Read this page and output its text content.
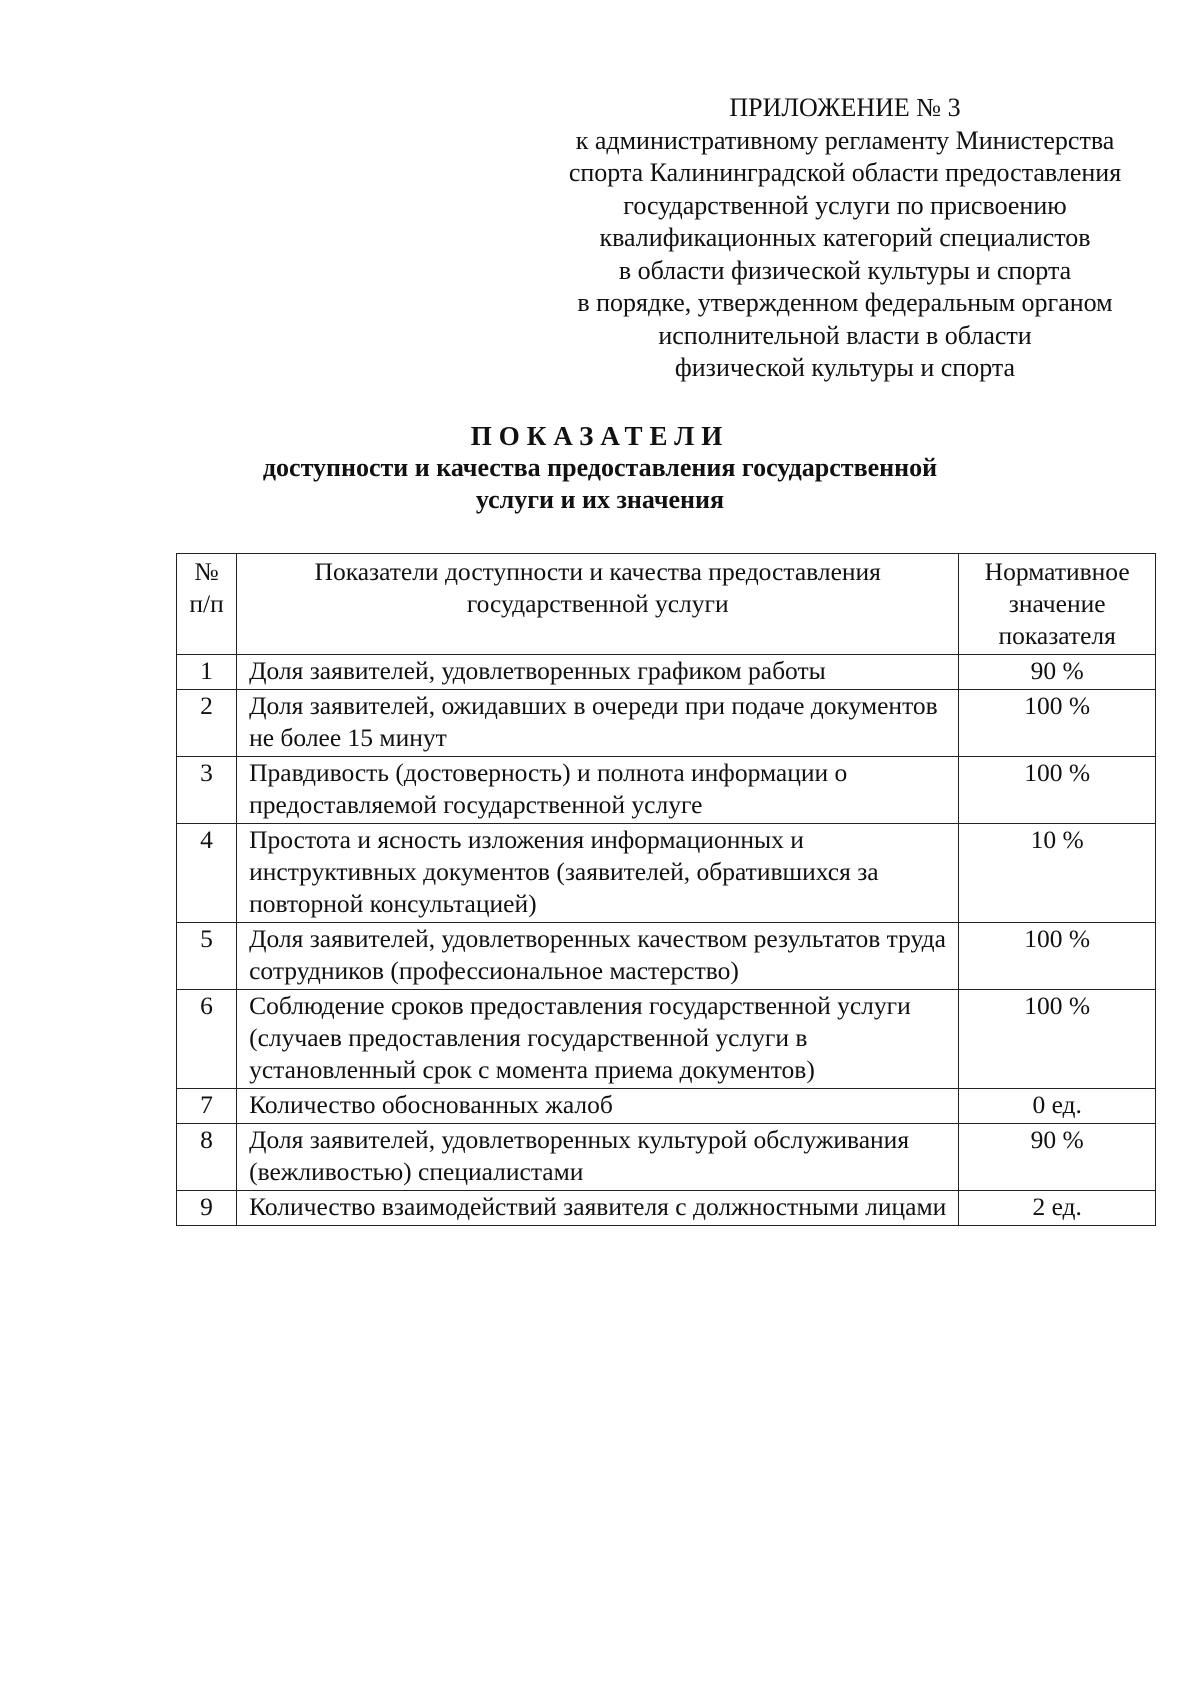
ПРИЛОЖЕНИЕ № 3
к административному регламенту Министерства
спорта Калининградской области предоставления
государственной услуги по присвоению
квалификационных категорий специалистов
в области физической культуры и спорта
в порядке, утвержденном федеральным органом
исполнительной власти в области
физической культуры и спорта
ПОКАЗАТЕЛИ
доступности и качества предоставления государственной
услуги и их значения
№ п/п	Показатели доступности и качества предоставления государственной услуги	Нормативное значение показателя
1	Доля заявителей, удовлетворенных графиком работы	90 %
2	Доля заявителей, ожидавших в очереди при подаче документов не более 15 минут	100 %
3	Правдивость (достоверность) и полнота информации о предоставляемой государственной услуге	100 %
4	Простота и ясность изложения информационных и инструктивных документов (заявителей, обратившихся за повторной консультацией)	10 %
5	Доля заявителей, удовлетворенных качеством результатов труда сотрудников (профессиональное мастерство)	100 %
6	Соблюдение сроков предоставления государственной услуги (случаев предоставления государственной услуги в установленный срок с момента приема документов)	100 %
7	Количество обоснованных жалоб	0 ед.
8	Доля заявителей, удовлетворенных культурой обслуживания (вежливостью) специалистами	90 %
9	Количество взаимодействий заявителя с должностными лицами	2 ед.
